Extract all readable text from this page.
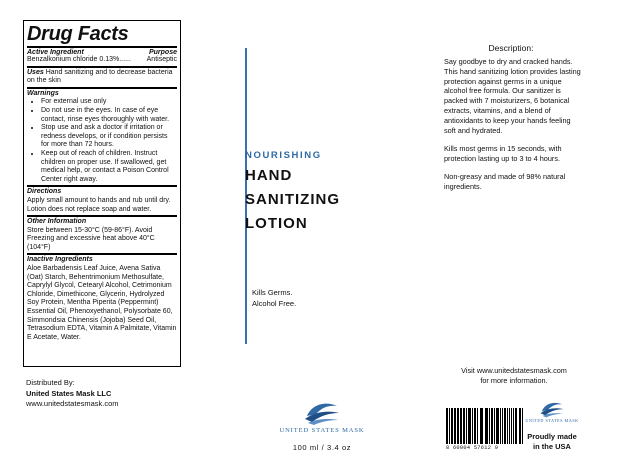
Drug Facts
Active Ingredient	Purpose
Benzalkonium chloride 0.13%...... Antiseptic
Uses Hand sanitizing and to decrease bacteria on the skin
Warnings
• For external use only
• Do not use in the eyes. In case of eye contact, rinse eyes thoroughly with water.
• Stop use and ask a doctor if irritation or redness develops, or if condition persists for more than 72 hours.
• Keep out of reach of children. Instruct children on proper use. If swallowed, get medical help, or contact a Poison Control Center right away.
Directions
Apply small amount to hands and rub until dry. Lotion does not replace soap and water.
Other Information
Store between 15-30°C (59-86°F). Avoid Freezing and excessive heat above 40°C (104°F)
Inactive Ingredients
Aloe Barbadensis Leaf Juice, Avena Sativa (Oat) Starch, Behentrimonium Methosulfate, Caprylyl Glycol, Cetearyl Alcohol, Cetrimonium Chloride, Dimethicone, Glycerin, Hydrolyzed Soy Protein, Mentha Piperita (Peppermint) Essential Oil, Phenoxyethanol, Polysorbate 60, Simmondsia Chinensis (Jojoba) Seed Oil, Tetrasodium EDTA, Vitamin A Palmitate, Vitamin E Acetate, Water.
Distributed By:
United States Mask LLC
www.unitedstatesmask.com
NOURISHING
HAND
SANITIZING
LOTION
Kills Germs.
Alcohol Free.
Description:

Say goodbye to dry and cracked hands. This hand sanitizing lotion provides lasting protection against germs in a unique alcohol free formula. Our sanitizer is packed with 7 moisturizers, 6 botanical extracts, vitamins, and a blend of antioxidants to keep your hands feeling soft and hydrated.

Kills most germs in 15 seconds, with protection lasting up to 3 to 4 hours.

Non-greasy and made of 98% natural ingredients.

Visit www.unitedstatesmask.com
for more information.
UNITED STATES MASK
100 ml / 3.4 oz	8 60004 57612 9
UNITED STATES MASK
Proudly made
in the USA
